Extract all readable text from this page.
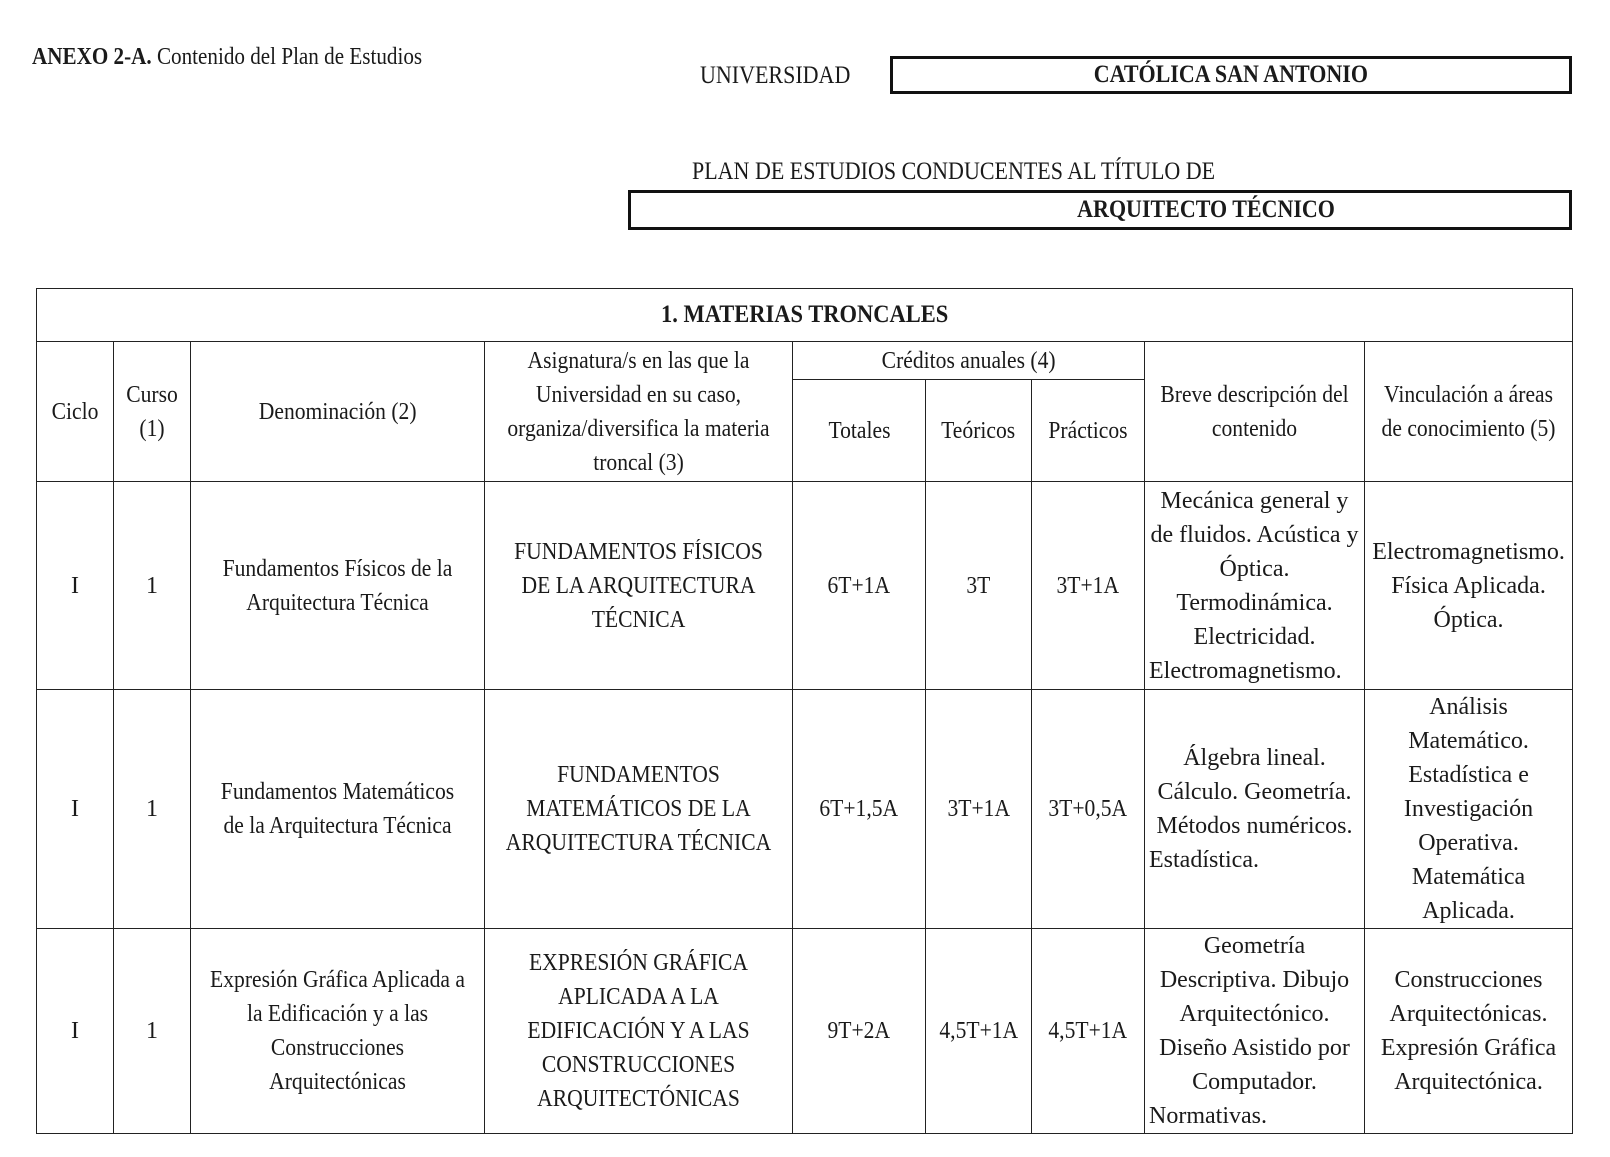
ANEXO 2-A. Contenido del Plan de Estudios
UNIVERSIDAD	CATÓLICA SAN ANTONIO
PLAN DE ESTUDIOS CONDUCENTES AL TÍTULO DE
ARQUITECTO TÉCNICO
1. MATERIAS TRONCALES								
Ciclo	Curso (1)	Denominación (2)	Asignatura/s en las que la Universidad en su caso, organiza/diversifica la materia troncal (3)	Créditos anuales (4)			Breve descripción del contenido	Vinculación a áreas de conocimiento (5)
				Totales	Teóricos	Prácticos		
I	1	Fundamentos Físicos de la Arquitectura Técnica	FUNDAMENTOS FÍSICOS DE LA ARQUITECTURA TÉCNICA	6T+1A	3T	3T+1A	Mecánica general y de fluidos. Acústica y Óptica. Termodinámica. Electricidad. Electromagnetismo.	Electromagnetismo. Física Aplicada. Óptica.
I	1	Fundamentos Matemáticos de la Arquitectura Técnica	FUNDAMENTOS MATEMÁTICOS DE LA ARQUITECTURA TÉCNICA	6T+1,5A	3T+1A	3T+0,5A	Álgebra lineal. Cálculo. Geometría. Métodos numéricos. Estadística.	Análisis Matemático. Estadística e Investigación Operativa. Matemática Aplicada.
I	1	Expresión Gráfica Aplicada a la Edificación y a las Construcciones Arquitectónicas	EXPRESIÓN GRÁFICA APLICADA A LA EDIFICACIÓN Y A LAS CONSTRUCCIONES ARQUITECTÓNICAS	9T+2A	4,5T+1A	4,5T+1A	Geometría Descriptiva. Dibujo Arquitectónico. Diseño Asistido por Computador. Normativas.	Construcciones Arquitectónicas. Expresión Gráfica Arquitectónica.
